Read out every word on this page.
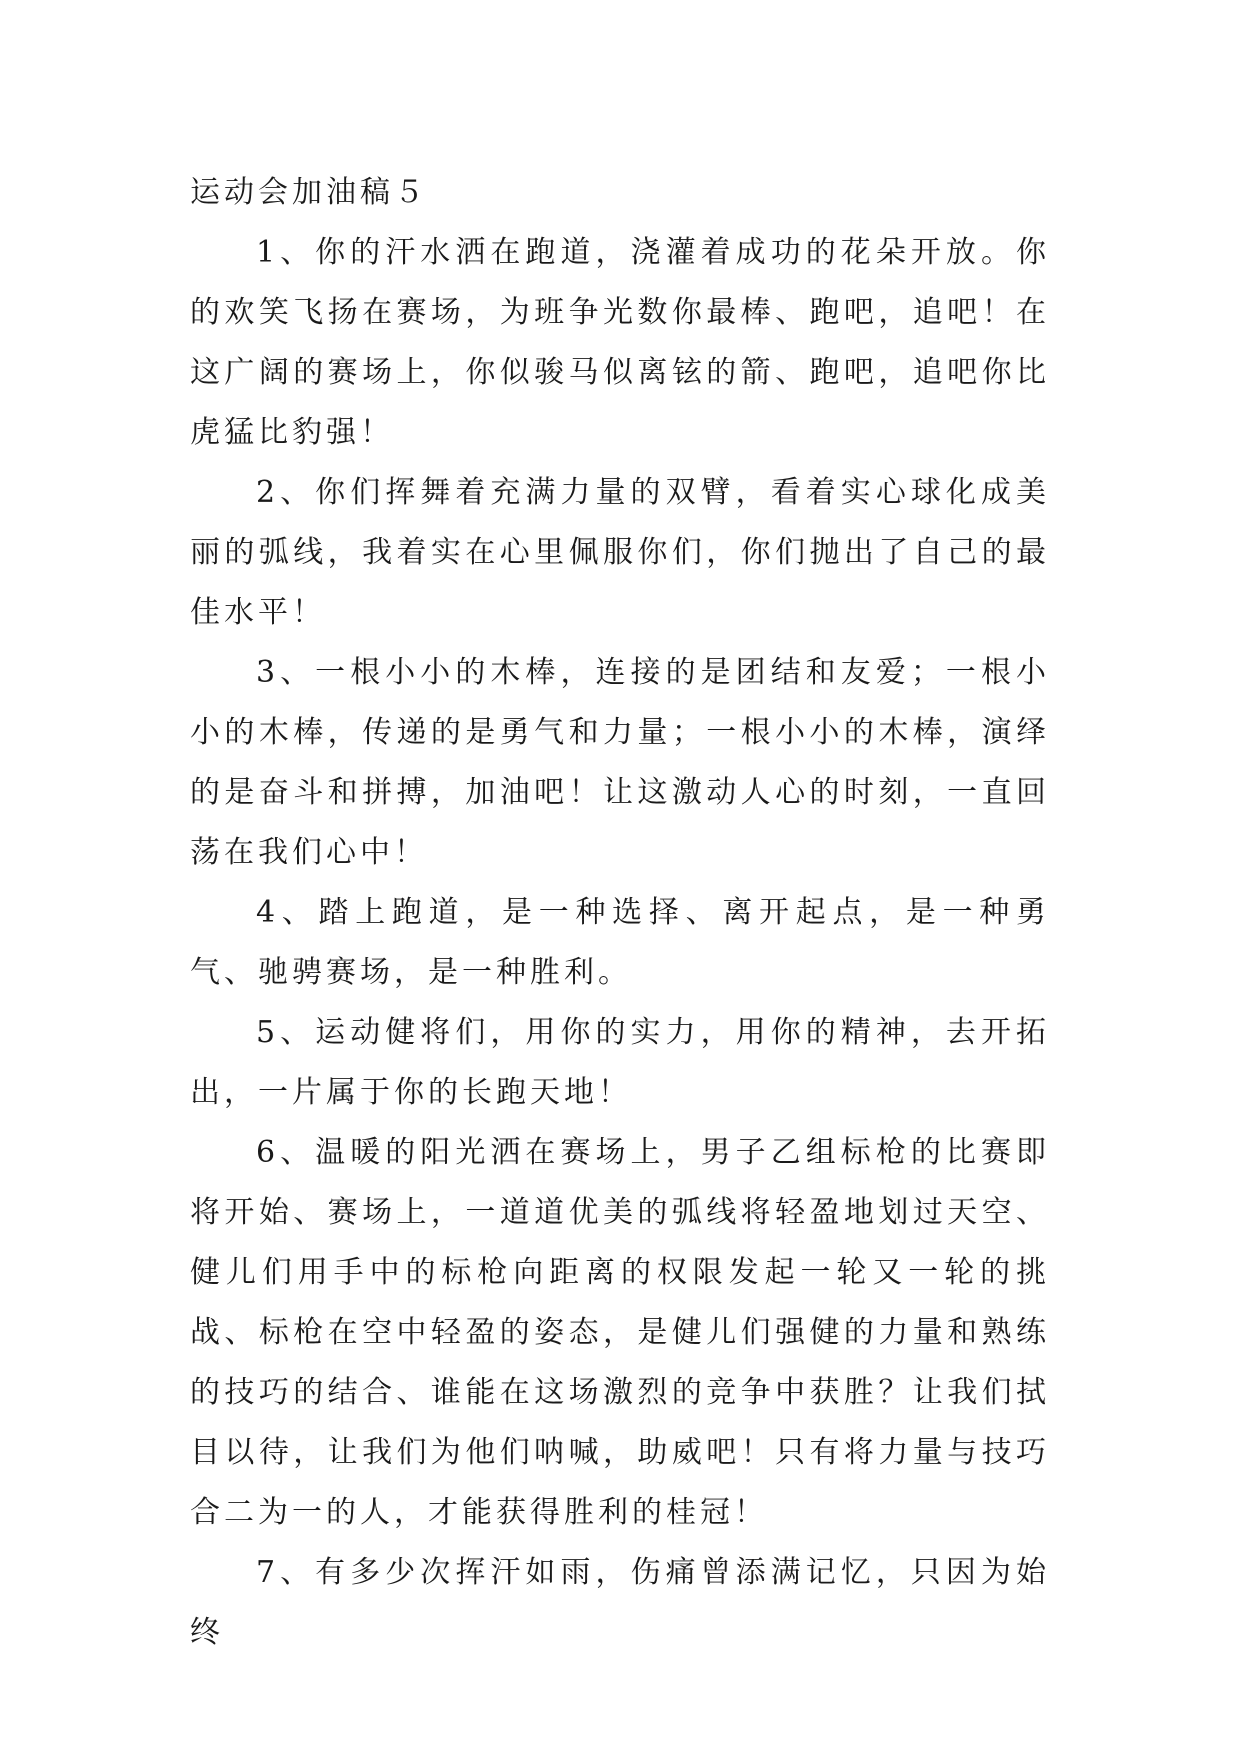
运动会加油稿５

1、你的汗水洒在跑道，浇灌着成功的花朵开放。你的欢笑飞扬在赛场，为班争光数你最棒、跑吧，追吧！在这广阔的赛场上，你似骏马似离铉的箭、跑吧，追吧你比虎猛比豹强！

2、你们挥舞着充满力量的双臂，看着实心球化成美丽的弧线，我着实在心里佩服你们，你们抛出了自己的最佳水平！

3、一根小小的木棒，连接的是团结和友爱；一根小小的木棒，传递的是勇气和力量；一根小小的木棒，演绎的是奋斗和拼搏，加油吧！让这激动人心的时刻，一直回荡在我们心中！

4、踏上跑道，是一种选择、离开起点，是一种勇气、驰骋赛场，是一种胜利。

5、运动健将们，用你的实力，用你的精神，去开拓出，一片属于你的长跑天地！

6、温暖的阳光洒在赛场上，男子乙组标枪的比赛即将开始、赛场上，一道道优美的弧线将轻盈地划过天空、健儿们用手中的标枪向距离的权限发起一轮又一轮的挑战、标枪在空中轻盈的姿态，是健儿们强健的力量和熟练的技巧的结合、谁能在这场激烈的竞争中获胜？让我们拭目以待，让我们为他们呐喊，助威吧！只有将力量与技巧合二为一的人，才能获得胜利的桂冠！

7、有多少次挥汗如雨，伤痛曾添满记忆，只因为始终
